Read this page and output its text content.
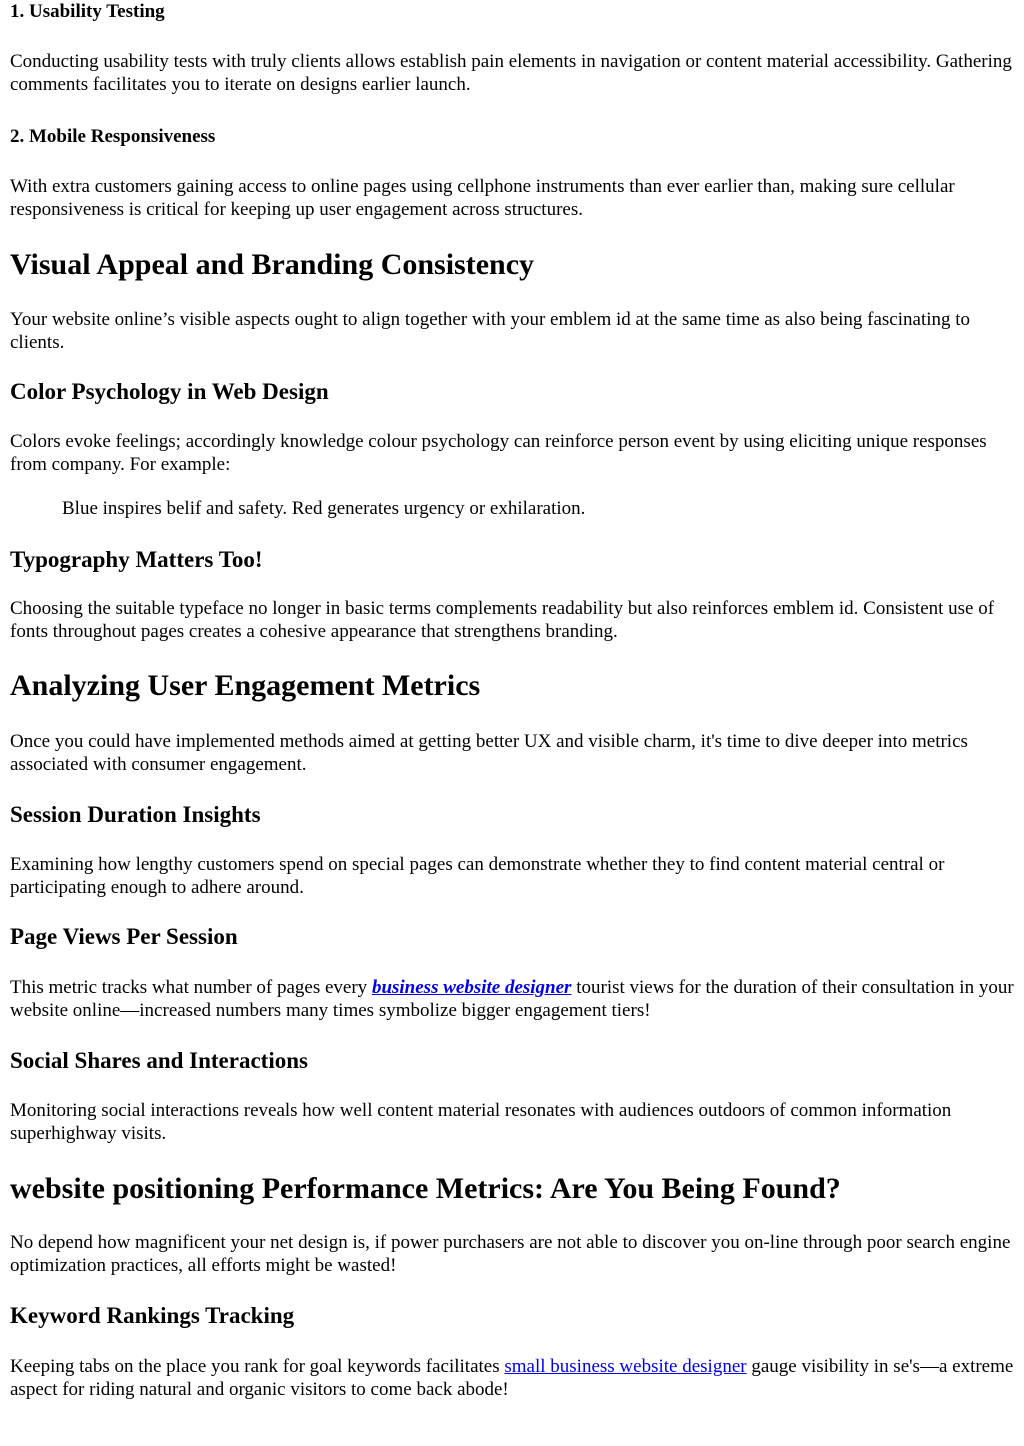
1. Usability Testing

Conducting usability tests with truly clients allows establish pain elements in navigation or content material accessibility. Gathering comments facilitates you to iterate on designs earlier launch.

2. Mobile Responsiveness

With extra customers gaining access to online pages using cellphone instruments than ever earlier than, making sure cellular responsiveness is critical for keeping up user engagement across structures.

Visual Appeal and Branding Consistency

Your website online’s visible aspects ought to align together with your emblem id at the same time as also being fascinating to clients.

Color Psychology in Web Design

Colors evoke feelings; accordingly knowledge colour psychology can reinforce person event by using eliciting unique responses from company. For example:

Blue inspires belif and safety. Red generates urgency or exhilaration.

Typography Matters Too!

Choosing the suitable typeface no longer in basic terms complements readability but also reinforces emblem id. Consistent use of fonts throughout pages creates a cohesive appearance that strengthens branding.

Analyzing User Engagement Metrics

Once you could have implemented methods aimed at getting better UX and visible charm, it's time to dive deeper into metrics associated with consumer engagement.

Session Duration Insights

Examining how lengthy customers spend on special pages can demonstrate whether they to find content material central or participating enough to adhere around.

Page Views Per Session

This metric tracks what number of pages every business website designer tourist views for the duration of their consultation in your website online—increased numbers many times symbolize bigger engagement tiers!

Social Shares and Interactions

Monitoring social interactions reveals how well content material resonates with audiences outdoors of common information superhighway visits.

website positioning Performance Metrics: Are You Being Found?

No depend how magnificent your net design is, if power purchasers are not able to discover you on-line through poor search engine optimization practices, all efforts might be wasted!

Keyword Rankings Tracking

Keeping tabs on the place you rank for goal keywords facilitates small business website designer gauge visibility in se's—a extreme aspect for riding natural and organic visitors to come back abode!
